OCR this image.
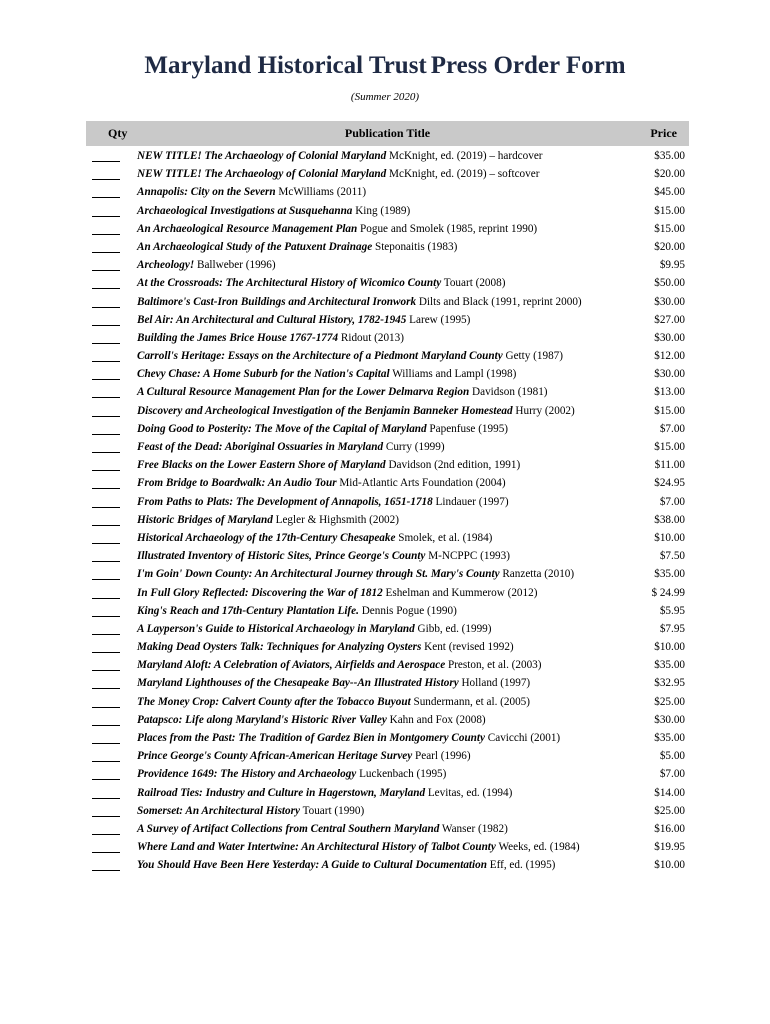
Maryland Historical Trust Press Order Form
(Summer 2020)
Qty	Publication Title	Price
NEW TITLE! The Archaeology of Colonial Maryland McKnight, ed. (2019) – hardcover	$35.00
NEW TITLE! The Archaeology of Colonial Maryland McKnight, ed. (2019) – softcover	$20.00
Annapolis: City on the Severn McWilliams (2011)	$45.00
Archaeological Investigations at Susquehanna King (1989)	$15.00
An Archaeological Resource Management Plan Pogue and Smolek (1985, reprint 1990)	$15.00
An Archaeological Study of the Patuxent Drainage Steponaitis (1983)	$20.00
Archeology! Ballweber (1996)	$9.95
At the Crossroads: The Architectural History of Wicomico County Touart (2008)	$50.00
Baltimore's Cast-Iron Buildings and Architectural Ironwork Dilts and Black (1991, reprint 2000)	$30.00
Bel Air: An Architectural and Cultural History, 1782-1945 Larew (1995)	$27.00
Building the James Brice House 1767-1774 Ridout (2013)	$30.00
Carroll's Heritage: Essays on the Architecture of a Piedmont Maryland County Getty (1987)	$12.00
Chevy Chase: A Home Suburb for the Nation's Capital Williams and Lampl (1998)	$30.00
A Cultural Resource Management Plan for the Lower Delmarva Region Davidson (1981)	$13.00
Discovery and Archeological Investigation of the Benjamin Banneker Homestead Hurry (2002)	$15.00
Doing Good to Posterity: The Move of the Capital of Maryland Papenfuse (1995)	$7.00
Feast of the Dead: Aboriginal Ossuaries in Maryland Curry (1999)	$15.00
Free Blacks on the Lower Eastern Shore of Maryland Davidson (2nd edition, 1991)	$11.00
From Bridge to Boardwalk: An Audio Tour Mid-Atlantic Arts Foundation (2004)	$24.95
From Paths to Plats: The Development of Annapolis, 1651-1718 Lindauer (1997)	$7.00
Historic Bridges of Maryland Legler & Highsmith (2002)	$38.00
Historical Archaeology of the 17th-Century Chesapeake Smolek, et al. (1984)	$10.00
Illustrated Inventory of Historic Sites, Prince George's County M-NCPPC (1993)	$7.50
I'm Goin' Down County: An Architectural Journey through St. Mary's County Ranzetta (2010)	$35.00
In Full Glory Reflected: Discovering the War of 1812 Eshelman and Kummerow (2012)	$ 24.99
King's Reach and 17th-Century Plantation Life. Dennis Pogue (1990)	$5.95
A Layperson's Guide to Historical Archaeology in Maryland Gibb, ed. (1999)	$7.95
Making Dead Oysters Talk: Techniques for Analyzing Oysters Kent (revised 1992)	$10.00
Maryland Aloft: A Celebration of Aviators, Airfields and Aerospace Preston, et al. (2003)	$35.00
Maryland Lighthouses of the Chesapeake Bay--An Illustrated History Holland (1997)	$32.95
The Money Crop: Calvert County after the Tobacco Buyout Sundermann, et al. (2005)	$25.00
Patapsco: Life along Maryland's Historic River Valley Kahn and Fox (2008)	$30.00
Places from the Past: The Tradition of Gardez Bien in Montgomery County Cavicchi (2001)	$35.00
Prince George's County African-American Heritage Survey Pearl (1996)	$5.00
Providence 1649: The History and Archaeology Luckenbach (1995)	$7.00
Railroad Ties: Industry and Culture in Hagerstown, Maryland Levitas, ed. (1994)	$14.00
Somerset: An Architectural History Touart (1990)	$25.00
A Survey of Artifact Collections from Central Southern Maryland Wanser (1982)	$16.00
Where Land and Water Intertwine: An Architectural History of Talbot County Weeks, ed. (1984)	$19.95
You Should Have Been Here Yesterday: A Guide to Cultural Documentation Eff, ed. (1995)	$10.00
